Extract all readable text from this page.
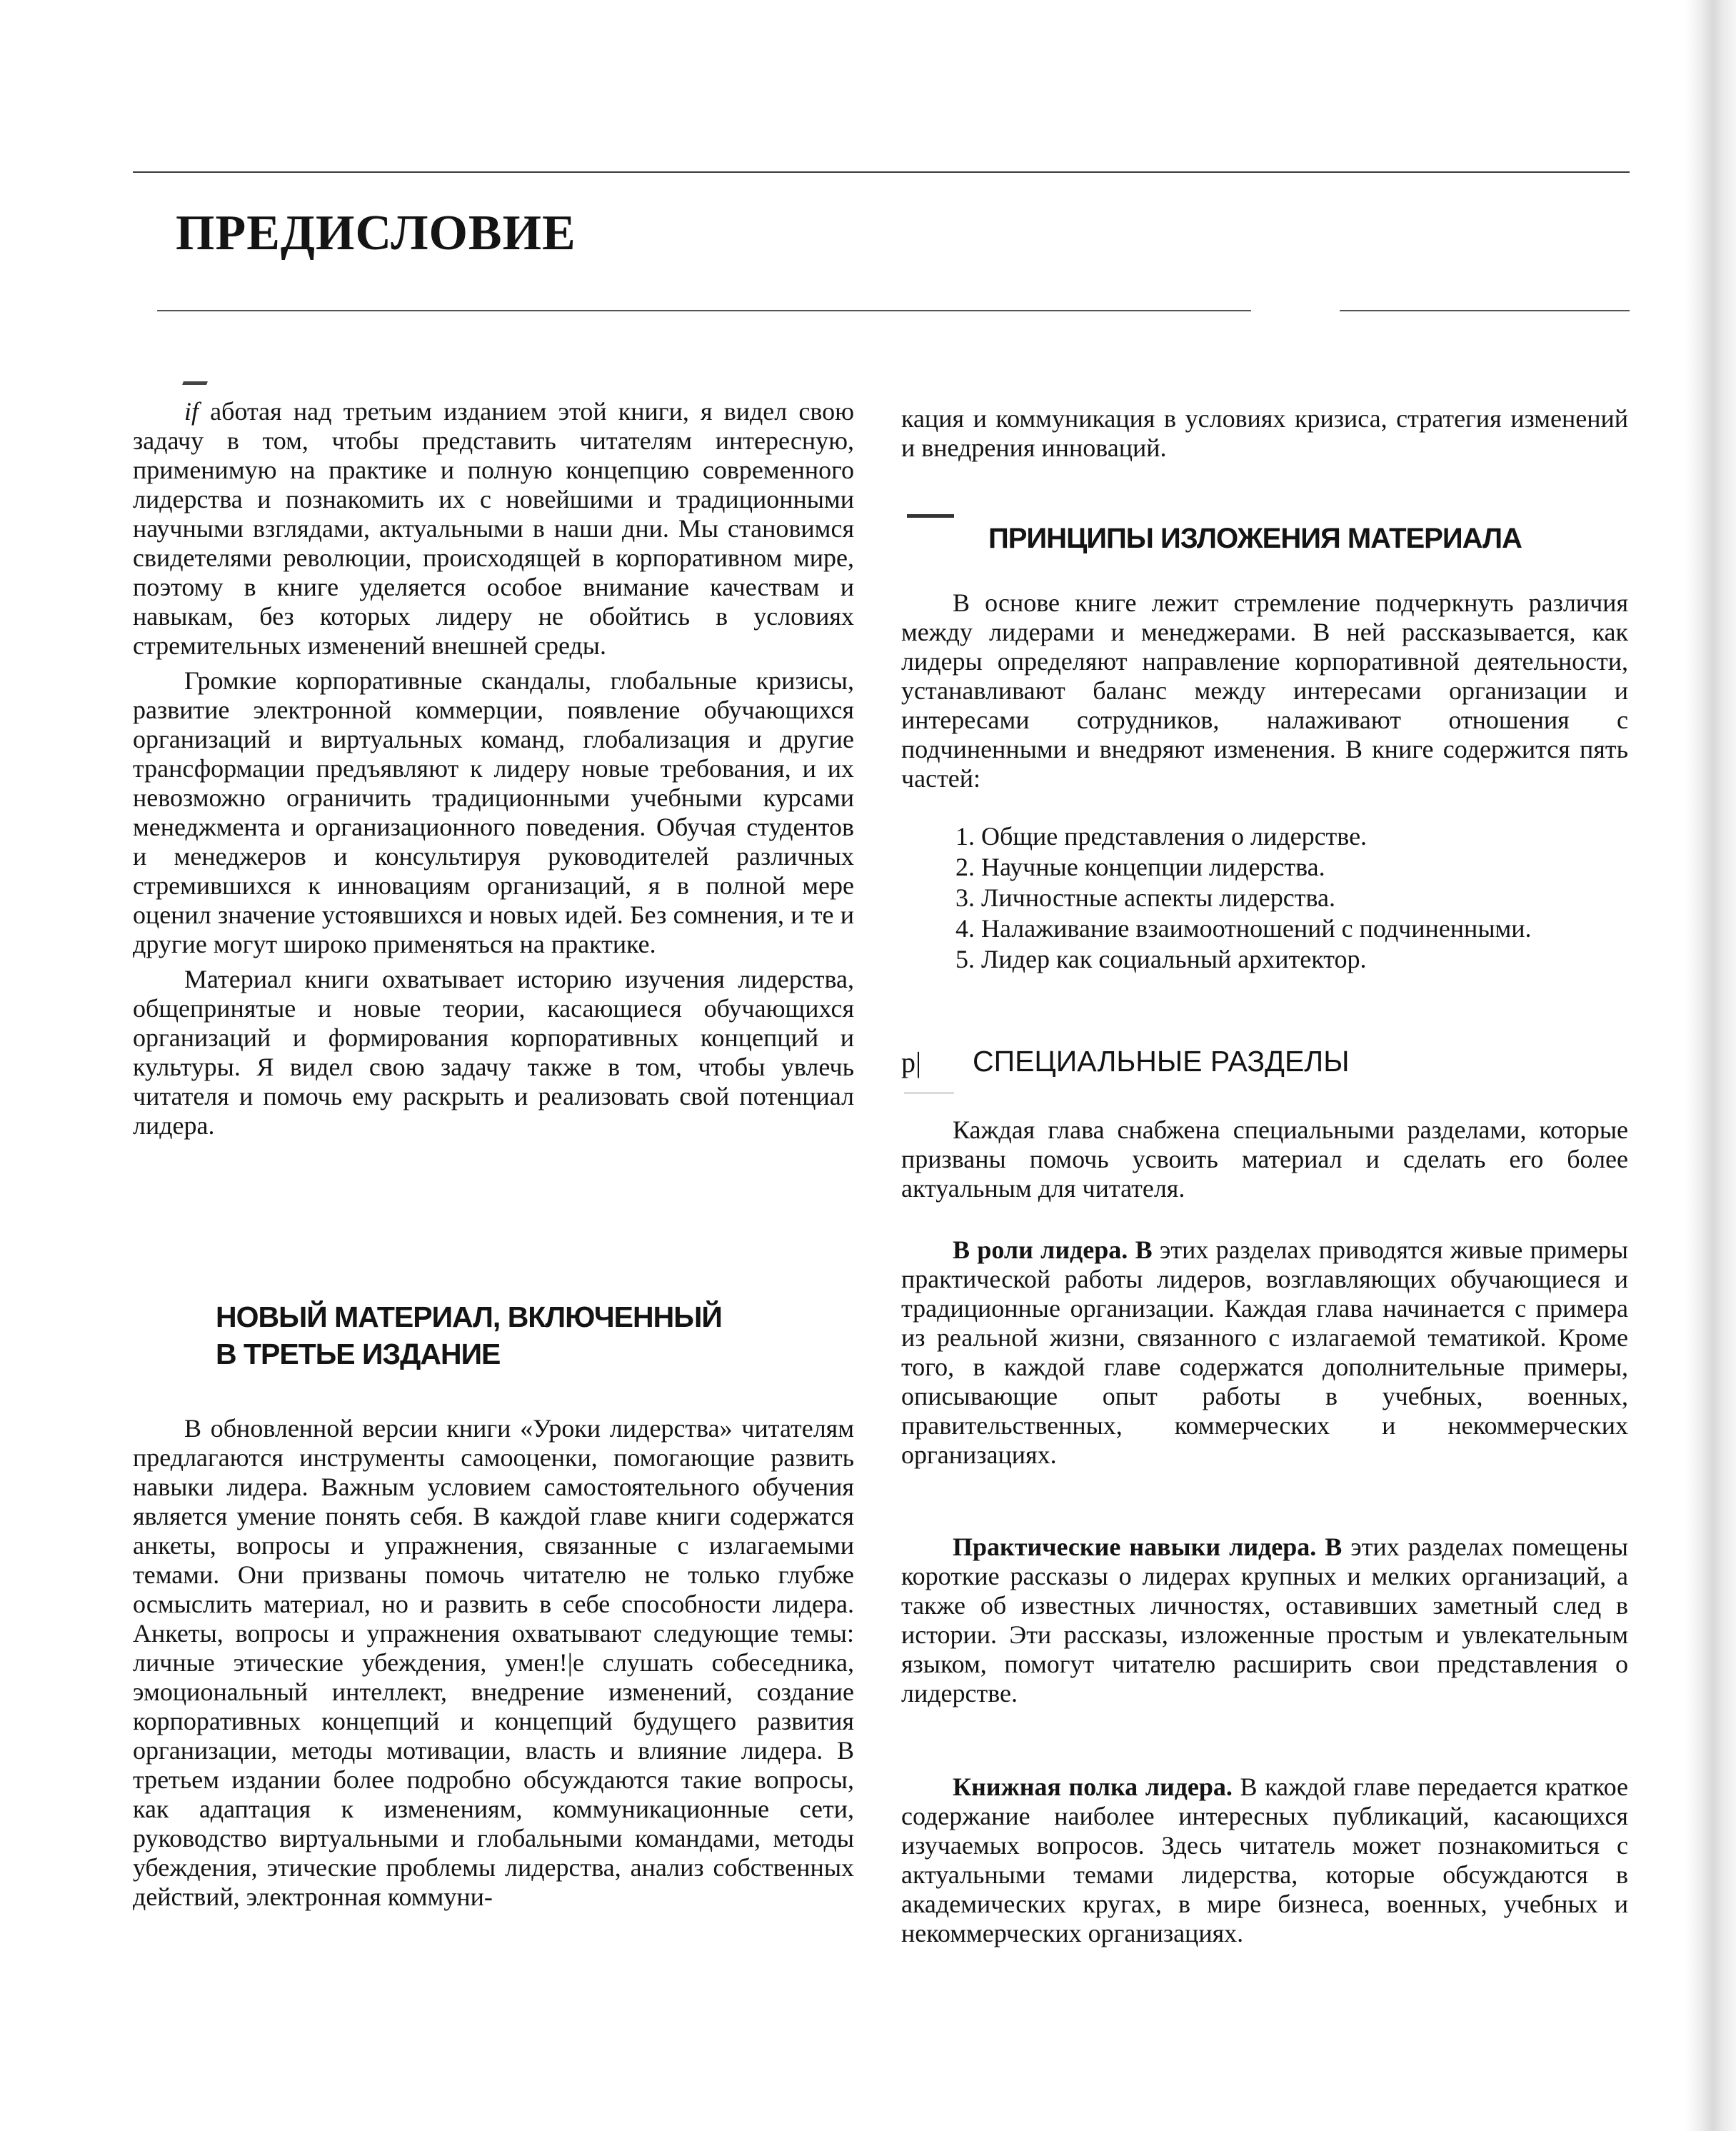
ПРЕДИСЛОВИЕ

if аботая над третьим изданием этой книги, я видел свою задачу в том, чтобы представить читателям интересную, применимую на практике и полную концепцию современного лидерства и познакомить их с новейшими и традиционными научными взглядами, актуальными в наши дни. Мы становимся свидетелями революции, происходящей в корпоративном мире, поэтому в книге уделяется особое внимание качествам и навыкам, без которых лидеру не обойтись в условиях стремительных изменений внешней среды.

Громкие корпоративные скандалы, глобальные кризисы, развитие электронной коммерции, появление обучающихся организаций и виртуальных команд, глобализация и другие трансформации предъявляют к лидеру новые требования, и их невозможно ограничить традиционными учебными курсами менеджмента и организационного поведения. Обучая студентов и менеджеров и консультируя руководителей различных стремившихся к инновациям организаций, я в полной мере оценил значение устоявшихся и новых идей. Без сомнения, и те и другие могут широко применяться на практике.

Материал книги охватывает историю изучения лидерства, общепринятые и новые теории, касающиеся обучающихся организаций и формирования корпоративных концепций и культуры. Я видел свою задачу также в том, чтобы увлечь читателя и помочь ему раскрыть и реализовать свой потенциал лидера.

НОВЫЙ МАТЕРИАЛ, ВКЛЮЧЕННЫЙ
В ТРЕТЬЕ ИЗДАНИЕ

В обновленной версии книги «Уроки лидерства» читателям предлагаются инструменты самооценки, помогающие развить навыки лидера. Важным условием самостоятельного обучения является умение понять себя. В каждой главе книги содержатся анкеты, вопросы и упражнения, связанные с излагаемыми темами. Они призваны помочь читателю не только глубже осмыслить материал, но и развить в себе способности лидера. Анкеты, вопросы и упражнения охватывают следующие темы: личные этические убеждения, умен!|е слушать собеседника, эмоциональный интеллект, внедрение изменений, создание корпоративных концепций и концепций будущего развития организации, методы мотивации, власть и влияние лидера. В третьем издании более подробно обсуждаются такие вопросы, как адаптация к изменениям, коммуникационные сети, руководство виртуальными и глобальными командами, методы убеждения, этические проблемы лидерства, анализ собственных действий, электронная коммуни-

кация и коммуникация в условиях кризиса, стратегия изменений и внедрения инноваций.

ПРИНЦИПЫ ИЗЛОЖЕНИЯ МАТЕРИАЛА

В основе книге лежит стремление подчеркнуть различия между лидерами и менеджерами. В ней рассказывается, как лидеры определяют направление корпоративной деятельности, устанавливают баланс между интересами организации и интересами сотрудников, налаживают отношения с подчиненными и внедряют изменения. В книге содержится пять частей:

1. Общие представления о лидерстве.
2. Научные концепции лидерства.
3. Личностные аспекты лидерства.
4. Налаживание взаимоотношений с подчиненными.
5. Лидер как социальный архитектор.
p| СПЕЦИАЛЬНЫЕ РАЗДЕЛЫ

Каждая глава снабжена специальными разделами, которые призваны помочь усвоить материал и сделать его более актуальным для читателя.

В роли лидера. В этих разделах приводятся живые примеры практической работы лидеров, возглавляющих обучающиеся и традиционные организации. Каждая глава начинается с примера из реальной жизни, связанного с излагаемой тематикой. Кроме того, в каждой главе содержатся дополнительные примеры, описывающие опыт работы в учебных, военных, правительственных, коммерческих и некоммерческих организациях.

Практические навыки лидера. В этих разделах помещены короткие рассказы о лидерах крупных и мелких организаций, а также об известных личностях, оставивших заметный след в истории. Эти рассказы, изложенные простым и увлекательным языком, помогут читателю расширить свои представления о лидерстве.

Книжная полка лидера. В каждой главе передается краткое содержание наиболее интересных публикаций, касающихся изучаемых вопросов. Здесь читатель может познакомиться с актуальными темами лидерства, которые обсуждаются в академических кругах, в мире бизнеса, военных, учебных и некоммерческих организациях.
